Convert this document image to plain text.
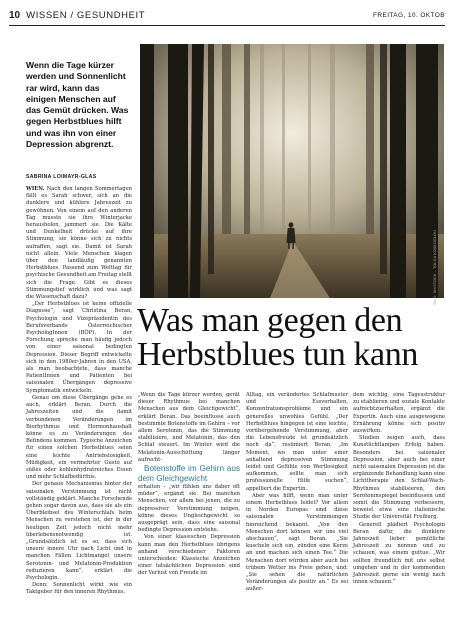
10 WISSEN / GESUNDHEIT	FREITAG, 10. OKTOB
Wenn die Tage kürzer werden und Sonnenlicht rar wird, kann das einigen Menschen auf das Gemüt drücken. Was gegen Herbstblues hilft und was ihn von einer Depression abgrenzt.
SABRINA LOIMAYR-GLAS
BILD: SN/STOCK – TOLGA KOSEOGLOU
Was man gegen den Herbstblues tun kann

WIEN. Nach den langen Sommertagen fällt es Sarah schwer, sich an die dunklere und kühlere Jahreszeit zu gewöhnen. Von einem auf den anderen Tag musste sie ihre Winterjacke herausholen, jammert sie. Die Kälte und Dunkelheit drücke auf ihre Stimmung, sie könne sich zu nichts aufraffen, sagt sie. Damit ist Sarah nicht allein. Viele Menschen klagen über den landläufig genannten Herbstblues. Passend zum Welttag für psychische Gesundheit am Freitag stellt sich die Frage: Gibt es dieses Stimmungstief wirklich und was sagt die Wissenschaft dazu?

„Der Herbstblues ist keine offizielle Diagnose“, sagt Christina Beran, Psychologin und Vizepräsidentin des Berufsverbands Österreichischer PsychologInnen (BÖP). In der Forschung spreche man häufig jedoch von einer saisonal bedingten Depression. Dieser Begriff entwickelte sich in den 1980er-Jahren in den USA, als man beobachtete, dass manche PatientInnen und Patienten bei saisonalen Übergängen depressive Symptomatik entwickeln.

Genau um diese Übergänge gehe es auch, erklärt Beran. Durch die Jahreszeiten und die damit verbundenen Veränderungen im Biorhythmus und Hormonhaushalt könne es zu Veränderungen des Befindens kommen. Typische Anzeichen für einen solchen Herbstblues seien eine leichte Antriebslosigkeit, Müdigkeit, ein vermehrter Gusto auf süßes oder kohlenhydratreiches Essen und mehr Schlafbedürfnis.

Der genaue Mechanismus hinter der saisonalen Verstimmung ist nicht vollständig geklärt. Manche Forschende gehen sogar davon aus, dass sie als ein Überbleibsel des Winterschlafs beim Menschen zu verstehen ist, der in der heutigen Zeit jedoch nicht mehr überlebensnotwendig ist. „Grundsätzlich ist es so, dass sich unsere innere Uhr nach Licht und in manchen Fällen Lichtmangel unsere Serotonin- und Melatonin-Produktion reduzieren kann“, erklärt die Psychologin.

Denn: Sonnenlicht wirkt wie ein Taktgeber für den inneren Rhythmus.

„Wenn die Tage kürzer werden, gerät dieser Rhythmus bei manchen Menschen aus dem Gleichgewicht“, erklärt Beran. Das beeinflusse auch bestimmte Botenstoffe im Gehirn – vor allem Serotonin, das die Stimmung stabilisiere, und Melatonin, das den Schlaf steuert. Im Winter wird die Melatonin-Ausschüttung länger aufrecht-

Botenstoffe im Gehirn aus dem Gleichgewicht

erhalten – „wir fühlen uns daher oft müder“, ergänzt sie. Bei manchen Menschen, vor allem bei jenen, die zu depressiver Verstimmung neigen, könne dieses Ungleichgewicht so ausgeprägt sein, dass eine saisonal bedingte Depression entstehe.

Von einer klassischen Depression kann man den Herbstblues übrigens anhand verschiedener Faktoren unterscheiden: Klassische Anzeichen einer tatsächlichen Depression sind der Verlust von Freude im

Alltag, ein verändertes Schlafmuster und Essverhalten, Konzentrationsprobleme und ein generelles unwohles Gefühl. „Der Herbstblues hingegen ist eine leichte, vorübergehende Verstimmung, aber die Lebensfreude ist grundsätzlich noch da“, resümiert Beran. „Im Moment, wo man unter einer anhaltend depressiven Stimmung leidet und Gefühle von Wertlosigkeit aufkommen, sollte man sich professionelle Hilfe suchen“, appelliert die Expertin.

Aber was hilft, wenn man unter einem Herbstblues leidet? Vor allem in Norden Europas sind diese saisonalen Verstimmungen hinreichend bekannt. „Von den Menschen dort können wir uns viel abschauen“, sagt Beran. „Sie kuscheln sich ein, zünden eine Kerze an und machen sich einen Tee.“ Die Menschen dort würden aber auch bei trübem Wetter ins Freie gehen, und: „Sie sehen die natürlichen Veränderungen als positiv an.“ Es sei außer-

dem wichtig, eine Tagesstruktur zu etablieren und soziale Kontakte aufrechtzuerhalten, ergänzt die Expertin. Auch eine ausgewogene Ernährung könne sich positiv auswirken.

Studien zeigen auch, dass Kunstlichtlampen Erfolg haben. Besonders bei saisonaler Depression, aber auch bei einer nicht saisonalen Depression ist die ergänzende Behandlung kann eine Lichttherapie den Schlaf-Wach-Rhythmus stabilisieren, den Serotoninspiegel beeinflussen und somit die Stimmung verbessern, beweist etwa eine italienische Studie der Universität Freiburg.

Generell plädiert Psychologin Beran dafür, die dunklere Jahreszeit lieber gemütliche Jahreszeit zu nennen und zu schauen, was einem guttue. „Wir sollten freundlich mit uns selbst umgehen und in der kommenden Jahreszeit gerne ein wenig nach innen schauen.“
